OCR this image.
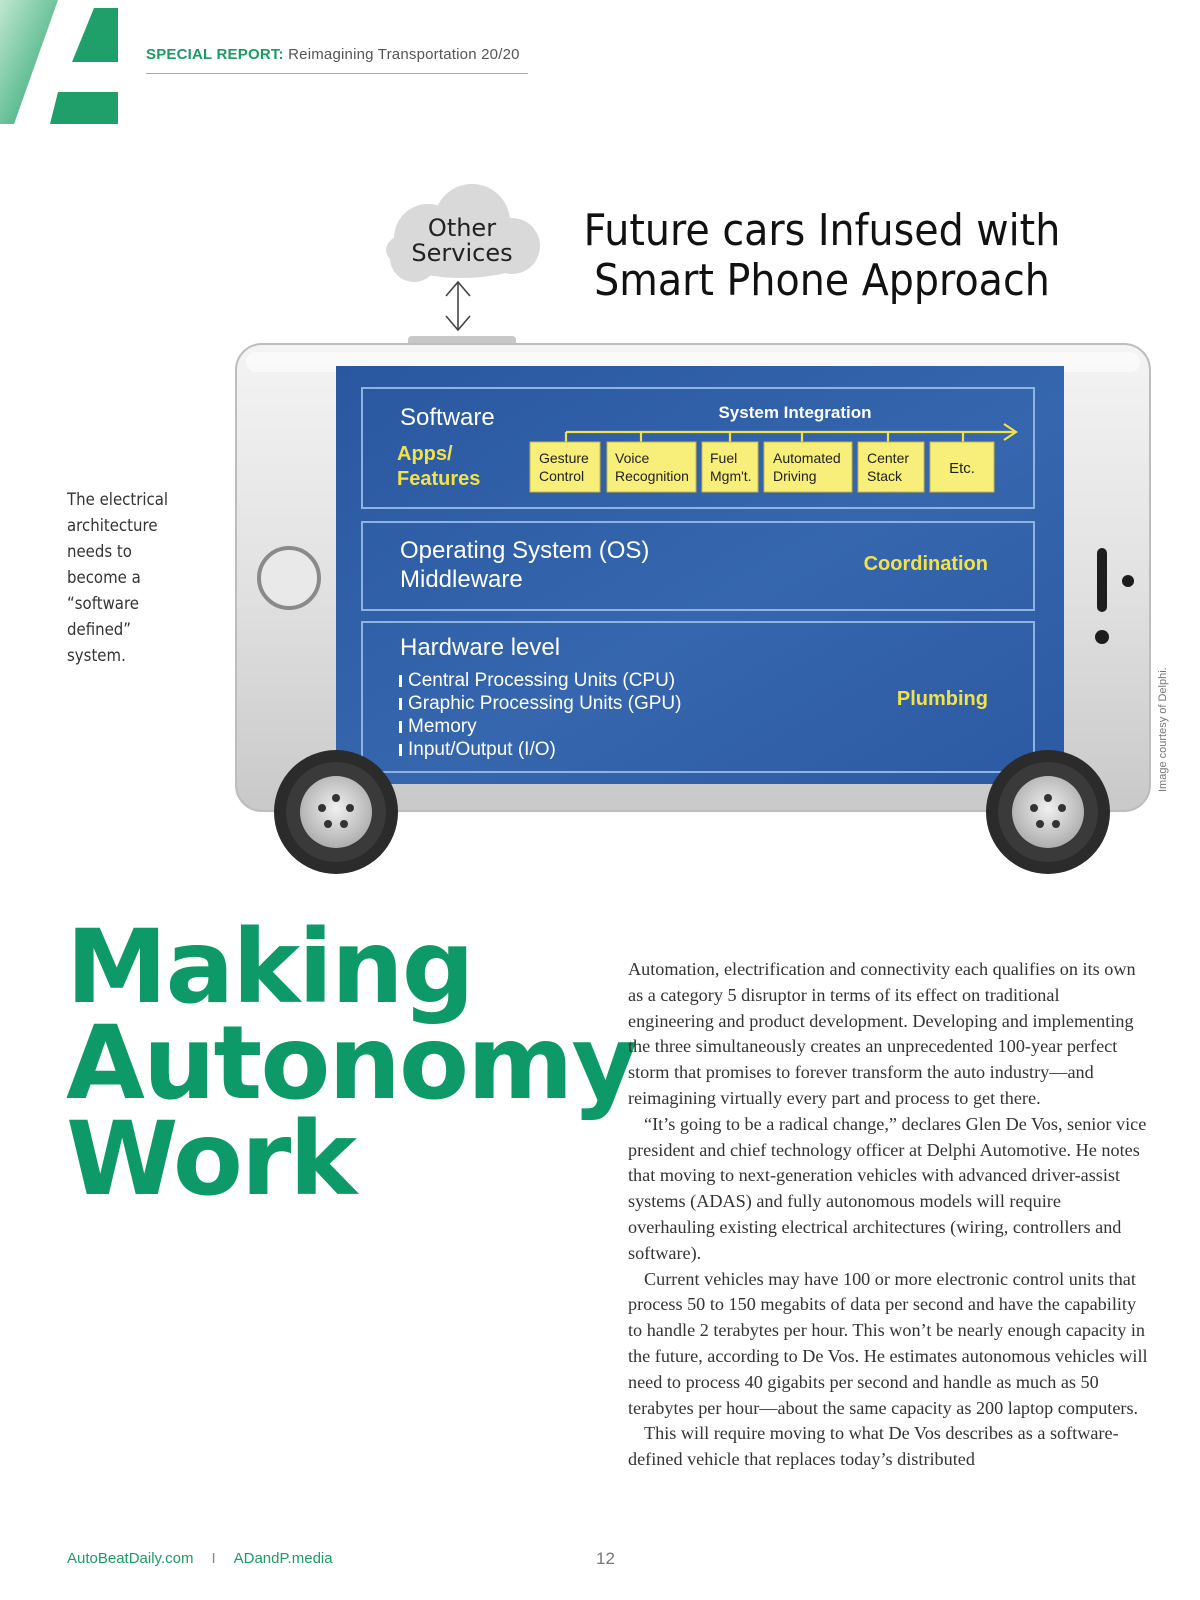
SPECIAL REPORT: Reimagining Transportation 20/20
Other
Services Future cars Infused with
Smart Phone Approach
Software
Apps/
Features
System Integration
Gesture
Control
Voice
Recognition
Fuel
Mgm't.
Automated
Driving
Center
Stack	Etc.
Operating System (OS)
Middleware
Coordination
Hardware level
Central Processing Units (CPU)
Graphic Processing Units (GPU)
Memory
Input/Output (I/O)
Plumbing
The electrical architecture needs to become a “software defined” system.
Image courtesy of Delphi.
Making
Autonomy
Work

Automation, electrification and connectivity each qualifies on its own as a category 5 disruptor in terms of its effect on traditional engineering and product development. Developing and implementing the three simultaneously creates an unprecedented 100-year perfect storm that promises to forever transform the auto industry—and reimagining virtually every part and process to get there.

“It’s going to be a radical change,” declares Glen De Vos, senior vice president and chief technology officer at Delphi Automotive. He notes that moving to next-generation vehicles with advanced driver-assist systems (ADAS) and fully autonomous models will require overhauling existing electrical architectures (wiring, controllers and software).

Current vehicles may have 100 or more electronic control units that process 50 to 150 megabits of data per second and have the capability to handle 2 terabytes per hour. This won’t be nearly enough capacity in the future, according to De Vos. He estimates autonomous vehicles will need to process 40 gigabits per second and handle as much as 50 terabytes per hour—about the same capacity as 200 laptop computers.

This will require moving to what De Vos describes as a software-defined vehicle that replaces today’s distributed

AutoBeatDaily.com I ADandP.media	12
